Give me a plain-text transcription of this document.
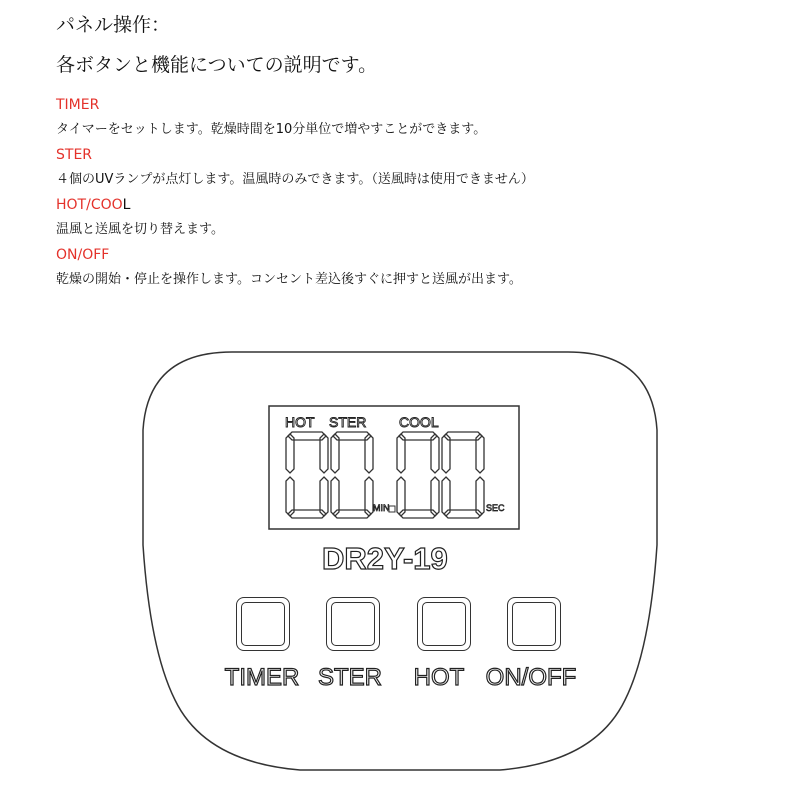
パネル操作：
各ボタンと機能についての説明です。

TIMER

タイマーをセットします。乾燥時間を10分単位で増やすことができます。

STER

４個のUVランプが点灯します。温風時のみできます。（送風時は使用できません）

HOT/COOL

温風と送風を切り替えます。

ON/OFF

乾燥の開始・停止を操作します。コンセント差込後すぐに押すと送風が出ます。

HOT STER COOL
MIN	SEC
DR2Y-19
TIMER STER HOT ON/OFF
